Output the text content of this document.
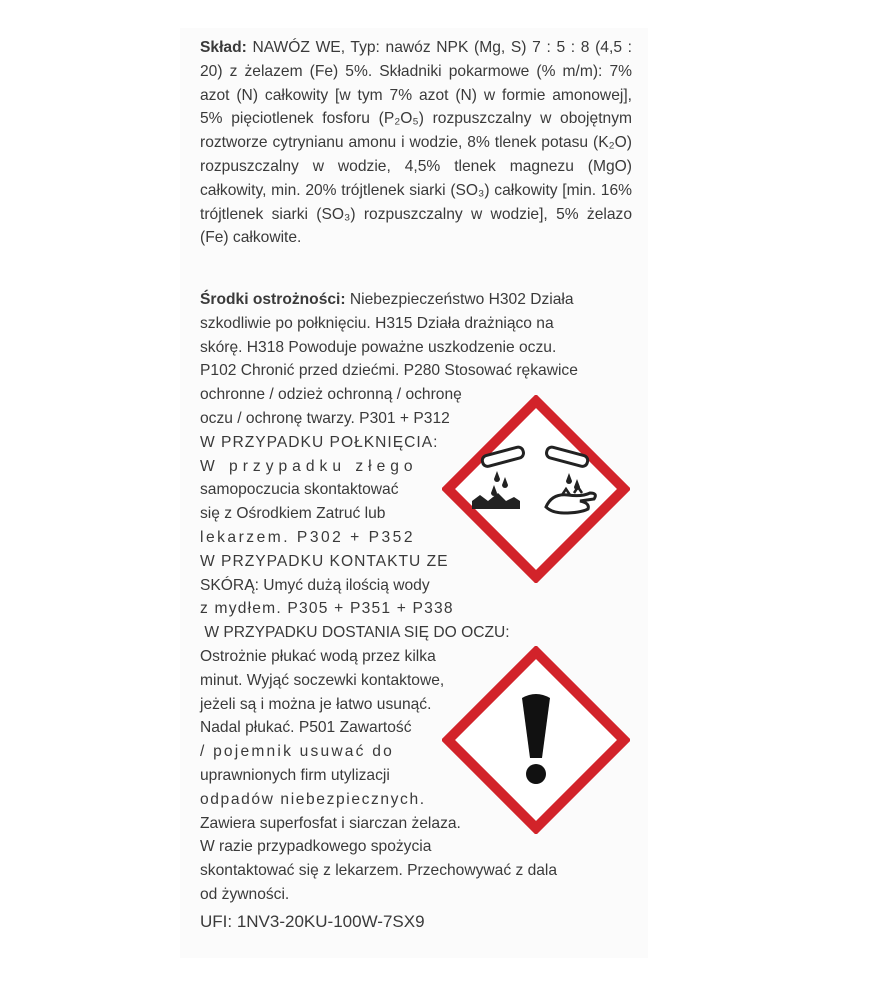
Skład: NAWÓZ WE, Typ: nawóz NPK (Mg, S) 7 : 5 : 8 (4,5 : 20) z żelazem (Fe) 5%. Składniki pokarmowe (% m/m): 7% azot (N) całkowity [w tym 7% azot (N) w formie amonowej], 5% pięciotlenek fosforu (P₂O₅) rozpuszczalny w obojętnym roztworze cytrynianu amonu i wodzie, 8% tlenek potasu (K₂O) rozpuszczalny w wodzie, 4,5% tlenek magnezu (MgO) całkowity, min. 20% trójtlenek siarki (SO₃) całkowity [min. 16% trójtlenek siarki (SO₃) rozpuszczalny w wodzie], 5% żelazo (Fe) całkowite.
Środki ostrożności: Niebezpieczeństwo H302 Działa
szkodliwie po połknięciu. H315 Działa drażniąco na
skórę. H318 Powoduje poważne uszkodzenie oczu.
P102 Chronić przed dziećmi. P280 Stosować rękawice
ochronne / odzież ochronną / ochronę
oczu / ochronę twarzy. P301 + P312
W PRZYPADKU POŁKNIĘCIA:
W przypadku złego
samopoczucia skontaktować
się z Ośrodkiem Zatruć lub
lekarzem. P302 + P352
W PRZYPADKU KONTAKTU ZE
SKÓRĄ: Umyć dużą ilością wody
z mydłem. P305 + P351 + P338
W PRZYPADKU DOSTANIA SIĘ DO OCZU:
Ostrożnie płukać wodą przez kilka
minut. Wyjąć soczewki kontaktowe,
jeżeli są i można je łatwo usunąć.
Nadal płukać. P501 Zawartość
/ pojemnik usuwać do
uprawnionych firm utylizacji
odpadów niebezpiecznych.
Zawiera superfosfat i siarczan żelaza.
W razie przypadkowego spożycia
skontaktować się z lekarzem. Przechowywać z dala
od żywności.
UFI: 1NV3-20KU-100W-7SX9
